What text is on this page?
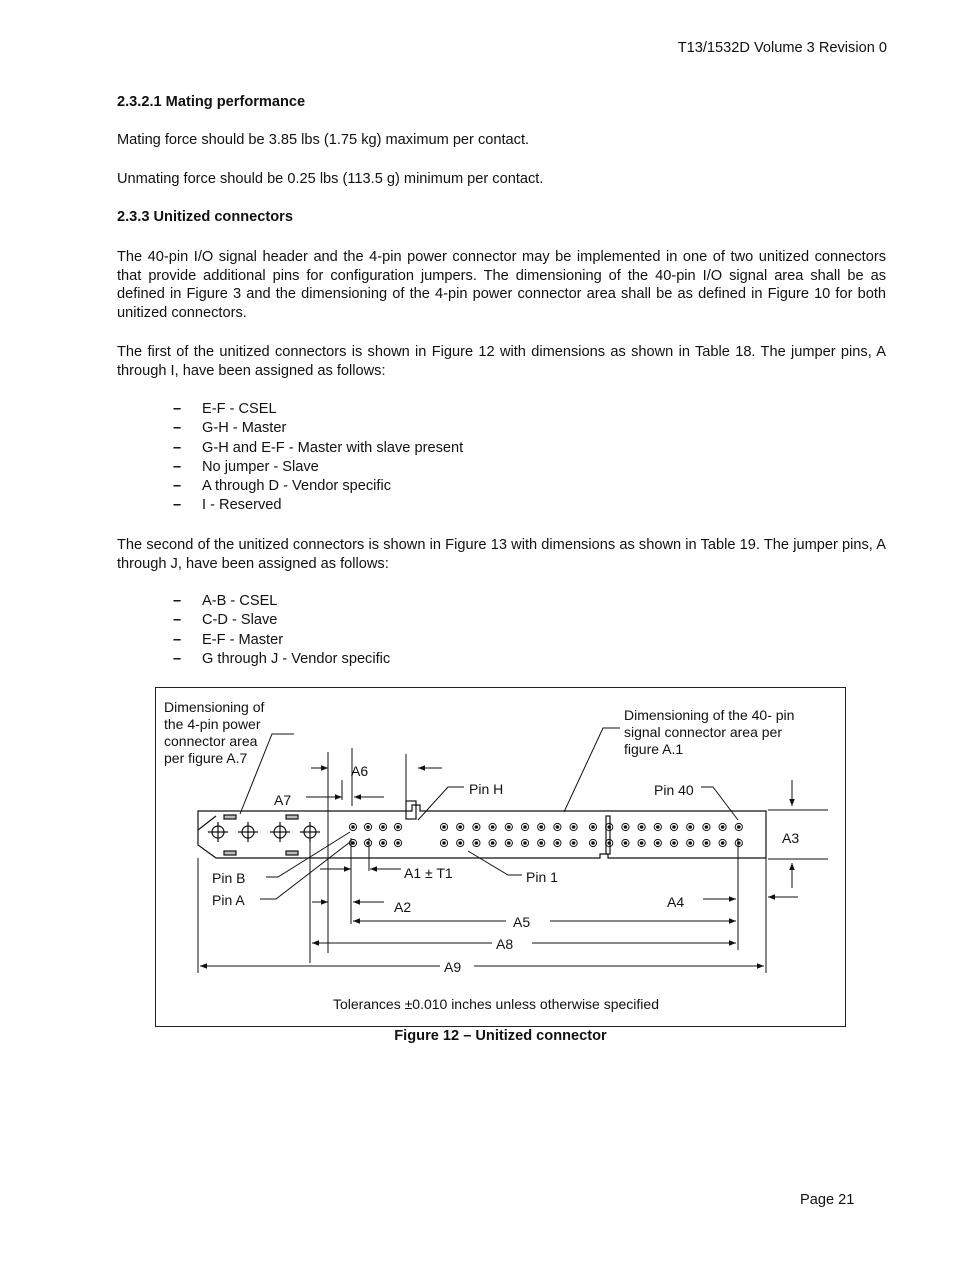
T13/1532D Volume 3 Revision 0
2.3.2.1 Mating performance

Mating force should be 3.85 lbs (1.75 kg) maximum per contact.

Unmating force should be 0.25 lbs (113.5 g) minimum per contact.

2.3.3 Unitized connectors

The 40-pin I/O signal header and the 4-pin power connector may be implemented in one of two unitized connectors that provide additional pins for configuration jumpers. The dimensioning of the 40-pin I/O signal area shall be as defined in Figure 3 and the dimensioning of the 4-pin power connector area shall be as defined in Figure 10 for both unitized connectors.

The first of the unitized connectors is shown in Figure 12 with dimensions as shown in Table 18. The jumper pins, A through I, have been assigned as follows:

– E-F - CSEL
– G-H - Master
– G-H and E-F - Master with slave present
– No jumper - Slave
– A through D - Vendor specific
– I - Reserved

The second of the unitized connectors is shown in Figure 13 with dimensions as shown in Table 19. The jumper pins, A through J, have been assigned as follows:

– A-B - CSEL
– C-D - Slave
– E-F - Master
– G through J - Vendor specific
Dimensioning of
the 4-pin power
connector area
per figure A.7
Dimensioning of the 40- pin
signal connector area per
figure A.1
A6
A7
Pin H	Pin 40
A3
Pin B
Pin A
A1 ± T1	Pin 1
A2	A4
A5
A8
A9
Tolerances ±0.010 inches unless otherwise specified
Figure 12 – Unitized connector
Page 21
